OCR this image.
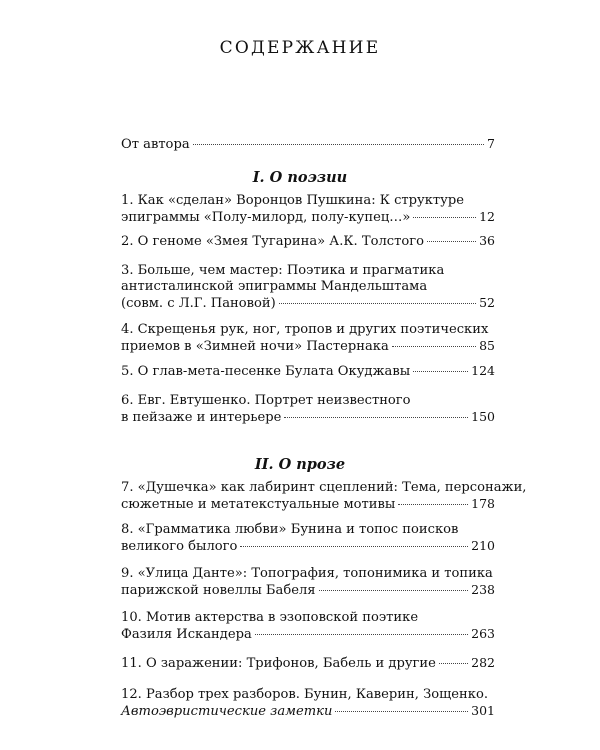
СОДЕРЖАНИЕ
От автора	7
I. О поэзии
1. Как «сделан» Воронцов Пушкина: К структуре
эпиграммы «Полу-милорд, полу-купец…»	12
2. О геноме «Змея Тугарина» А.К. Толстого	36
3. Больше, чем мастер: Поэтика и прагматика
антисталинской эпиграммы Мандельштама
(совм. с Л.Г. Пановой)	52
4. Скрещенья рук, ног, тропов и других поэтических
приемов в «Зимней ночи» Пастернака	85
5. О глав-мета-песенке Булата Окуджавы	124
6. Евг. Евтушенко. Портрет неизвестного
в пейзаже и интерьере	150
II. О прозе
7. «Душечка» как лабиринт сцеплений: Тема, персонажи,
сюжетные и метатекстуальные мотивы	178
8. «Грамматика любви» Бунина и топос поисков
великого былого	210
9. «Улица Данте»: Топография, топонимика и топика
парижской новеллы Бабеля	238
10. Мотив актерства в эзоповской поэтике
Фазиля Искандера	263
11. О заражении: Трифонов, Бабель и другие	282
12. Разбор трех разборов. Бунин, Каверин, Зощенко.
Автоэвристические заметки	301
